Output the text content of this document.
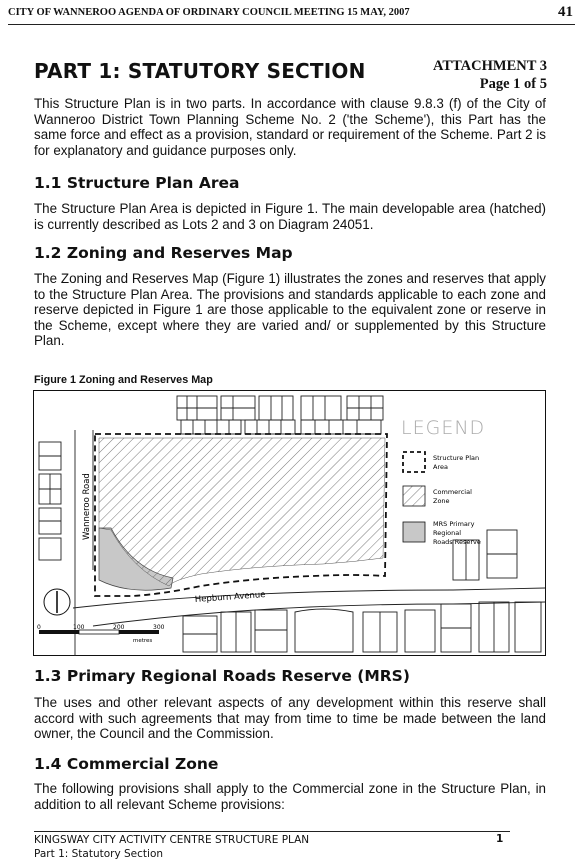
CITY OF WANNEROO AGENDA OF ORDINARY COUNCIL MEETING 15 MAY, 2007	41
PART 1: STATUTORY SECTION	ATTACHMENT 3
Page 1 of 5
This Structure Plan is in two parts. In accordance with clause 9.8.3 (f) of the City of Wanneroo District Town Planning Scheme No. 2 ('the Scheme'), this Part has the same force and effect as a provision, standard or requirement of the Scheme. Part 2 is for explanatory and guidance purposes only.
1.1 Structure Plan Area
The Structure Plan Area is depicted in Figure 1. The main developable area (hatched) is currently described as Lots 2 and 3 on Diagram 24051.
1.2 Zoning and Reserves Map
The Zoning and Reserves Map (Figure 1) illustrates the zones and reserves that apply to the Structure Plan Area. The provisions and standards applicable to each zone and reserve depicted in Figure 1 are those applicable to the equivalent zone or reserve in the Scheme, except where they are varied and/ or supplemented by this Structure Plan.
Figure 1 Zoning and Reserves Map
0	100	200	300
metres
Wanneroo Road
Hepburn Avenue
LEGEND
Structure Plan
Area
Commercial
Zone
MRS Primary
Regional
Roads Reserve
1.3 Primary Regional Roads Reserve (MRS)
The uses and other relevant aspects of any development within this reserve shall accord with such agreements that may from time to time be made between the land owner, the Council and the Commission.
1.4 Commercial Zone
The following provisions shall apply to the Commercial zone in the Structure Plan, in addition to all relevant Scheme provisions:
KINGSWAY CITY ACTIVITY CENTRE STRUCTURE PLAN
Part 1: Statutory Section
1
